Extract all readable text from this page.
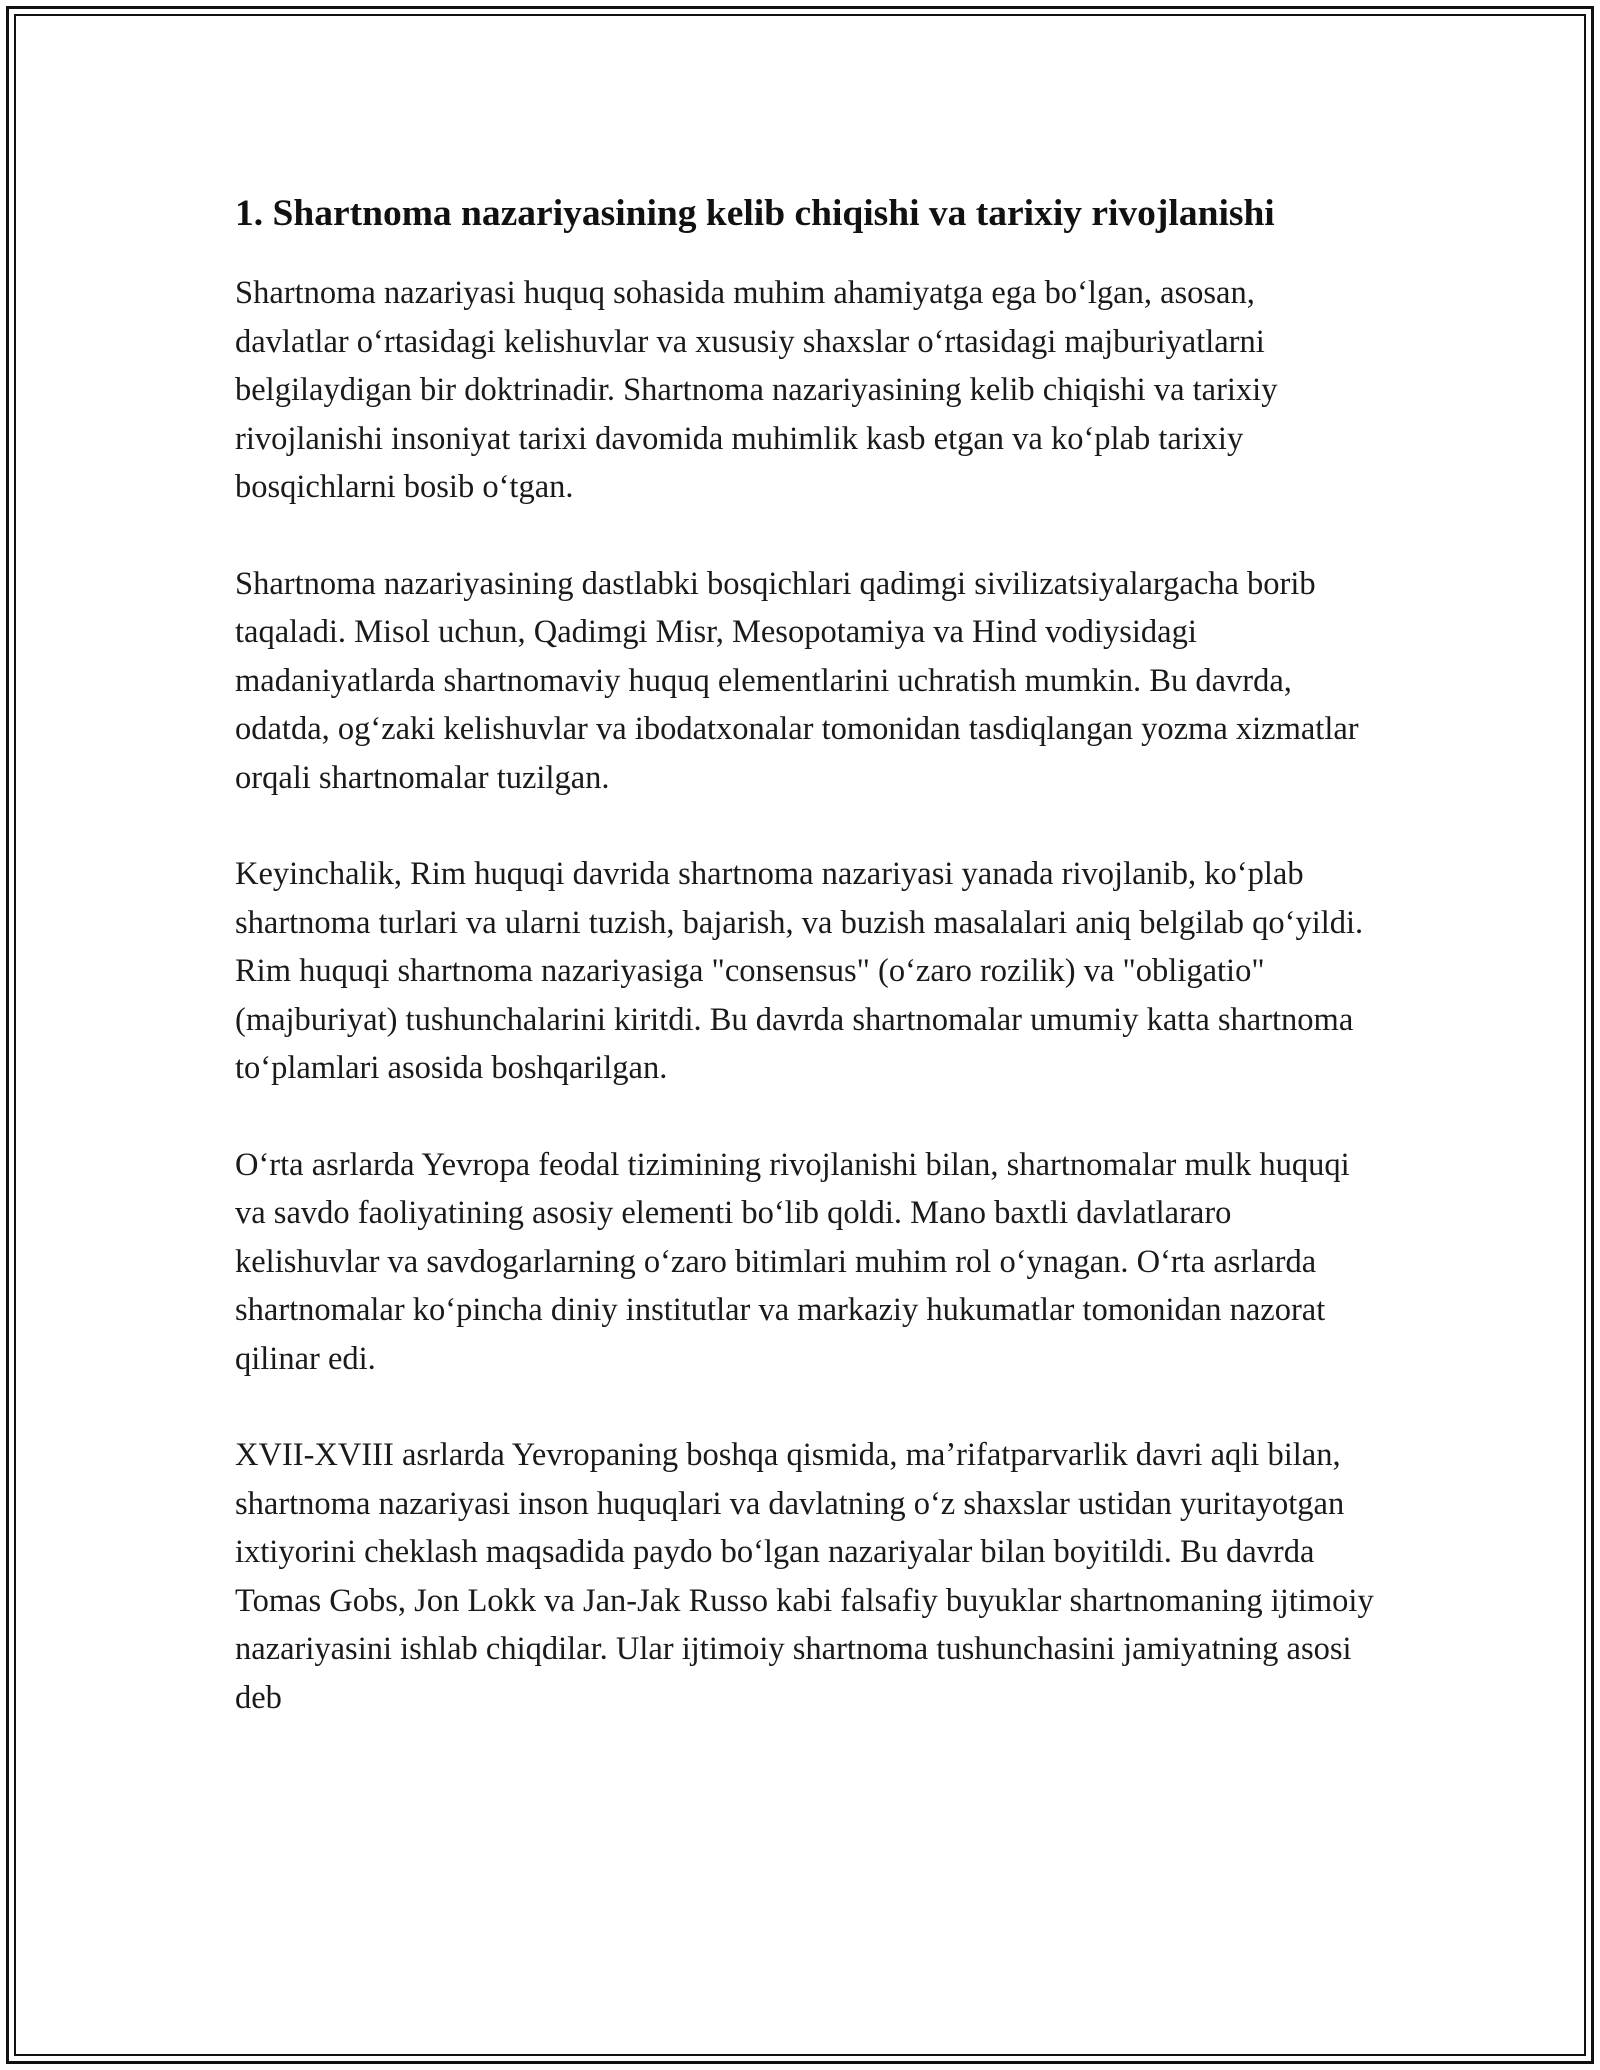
1. Shartnoma nazariyasining kelib chiqishi va tarixiy rivojlanishi

Shartnoma nazariyasi huquq sohasida muhim ahamiyatga ega boʻlgan, asosan, davlatlar oʻrtasidagi kelishuvlar va xususiy shaxslar oʻrtasidagi majburiyatlarni belgilaydigan bir doktrinadir. Shartnoma nazariyasining kelib chiqishi va tarixiy rivojlanishi insoniyat tarixi davomida muhimlik kasb etgan va koʻplab tarixiy bosqichlarni bosib oʻtgan.

Shartnoma nazariyasining dastlabki bosqichlari qadimgi sivilizatsiyalargacha borib taqaladi. Misol uchun, Qadimgi Misr, Mesopotamiya va Hind vodiysidagi madaniyatlarda shartnomaviy huquq elementlarini uchratish mumkin. Bu davrda, odatda, ogʻzaki kelishuvlar va ibodatxonalar tomonidan tasdiqlangan yozma xizmatlar orqali shartnomalar tuzilgan.

Keyinchalik, Rim huquqi davrida shartnoma nazariyasi yanada rivojlanib, koʻplab shartnoma turlari va ularni tuzish, bajarish, va buzish masalalari aniq belgilab qoʻyildi. Rim huquqi shartnoma nazariyasiga "consensus" (oʻzaro rozilik) va "obligatio" (majburiyat) tushunchalarini kiritdi. Bu davrda shartnomalar umumiy katta shartnoma toʻplamlari asosida boshqarilgan.

Oʻrta asrlarda Yevropa feodal tizimining rivojlanishi bilan, shartnomalar mulk huquqi va savdo faoliyatining asosiy elementi boʻlib qoldi. Mano baxtli davlatlararo kelishuvlar va savdogarlarning oʻzaro bitimlari muhim rol oʻynagan. Oʻrta asrlarda shartnomalar koʻpincha diniy institutlar va markaziy hukumatlar tomonidan nazorat qilinar edi.

XVII-XVIII asrlarda Yevropaning boshqa qismida, maʼrifatparvarlik davri aqli bilan, shartnoma nazariyasi inson huquqlari va davlatning oʻz shaxslar ustidan yuritayotgan ixtiyorini cheklash maqsadida paydo boʻlgan nazariyalar bilan boyitildi. Bu davrda Tomas Gobs, Jon Lokk va Jan-Jak Russo kabi falsafiy buyuklar shartnomaning ijtimoiy nazariyasini ishlab chiqdilar. Ular ijtimoiy shartnoma tushunchasini jamiyatning asosi deb
